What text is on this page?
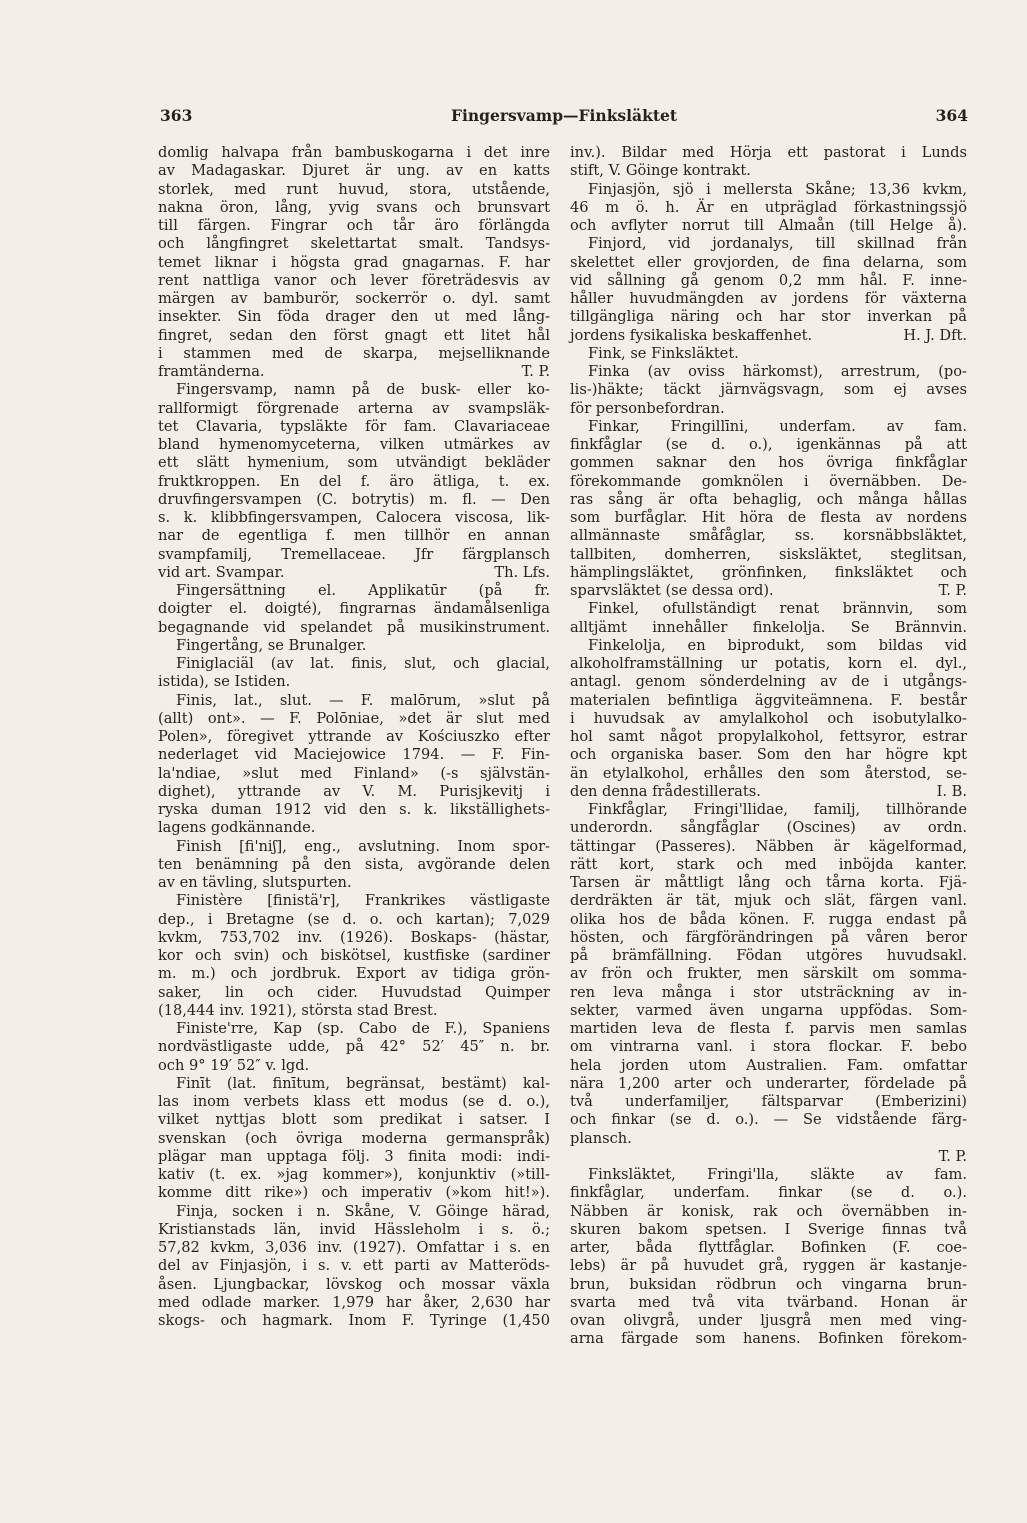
363	Fingersvamp—Finksläktet	364
domlig halvapa från bambuskogarna i det inre
av Madagaskar. Djuret är ung. av en katts
storlek, med runt huvud, stora, utstående,
nakna öron, lång, yvig svans och brunsvart
till färgen. Fingrar och tår äro förlängda
och långfingret skelettartat smalt. Tandsys-
temet liknar i högsta grad gnagarnas. F. har
rent nattliga vanor och lever företrädesvis av
märgen av bamburör, sockerrör o. dyl. samt
insekter. Sin föda drager den ut med lång-
fingret, sedan den först gnagt ett litet hål
i stammen med de skarpa, mejselliknande
framtänderna.	T. P.
Fingersvamp, namn på de busk- eller ko-
rallformigt förgrenade arterna av svampsläk-
tet Clavaria, typsläkte för fam. Clavariaceae
bland hymenomyceterna, vilken utmärkes av
ett slätt hymenium, som utvändigt bekläder
fruktkroppen. En del f. äro ätliga, t. ex.
druvfingersvampen (C. botrytis) m. fl. — Den
s. k. klibbfingersvampen, Calocera viscosa, lik-
nar de egentliga f. men tillhör en annan
svampfamilj, Tremellaceae. Jfr färgplansch
vid art. Svampar.	Th. Lfs.
Fingersättning el. Applikatūr (på fr.
doigter el. doigté), fingrarnas ändamålsenliga
begagnande vid spelandet på musikinstrument.
Fingertång, se Brunalger.
Finiglaciäl (av lat. finis, slut, och glacial,
istida), se Istiden.
Finis, lat., slut. — F. malōrum, »slut på
(allt) ont». — F. Polōniae, »det är slut med
Polen», föregivet yttrande av Kościuszko efter
nederlaget vid Maciejowice 1794. — F. Fin-
la'ndiae, »slut med Finland» (-s självstän-
dighet), yttrande av V. M. Purisjkevitj i
ryska duman 1912 vid den s. k. likställighets-
lagens godkännande.
Finish [fi'niʃ], eng., avslutning. Inom spor-
ten benämning på den sista, avgörande delen
av en tävling, slutspurten.
Finistère [finistä'r], Frankrikes västligaste
dep., i Bretagne (se d. o. och kartan); 7,029
kvkm, 753,702 inv. (1926). Boskaps- (hästar,
kor och svin) och biskötsel, kustfiske (sardiner
m. m.) och jordbruk. Export av tidiga grön-
saker, lin och cider. Huvudstad Quimper
(18,444 inv. 1921), största stad Brest.
Finiste'rre, Kap (sp. Cabo de F.), Spaniens
nordvästligaste udde, på 42° 52′ 45″ n. br.
och 9° 19′ 52″ v. lgd.
Finīt (lat. finītum, begränsat, bestämt) kal-
las inom verbets klass ett modus (se d. o.),
vilket nyttjas blott som predikat i satser. I
svenskan (och övriga moderna germanspråk)
plägar man upptaga följ. 3 finita modi: indi-
kativ (t. ex. »jag kommer»), konjunktiv (»till-
komme ditt rike») och imperativ (»kom hit!»).
Finja, socken i n. Skåne, V. Göinge härad,
Kristianstads län, invid Hässleholm i s. ö.;
57,82 kvkm, 3,036 inv. (1927). Omfattar i s. en
del av Finjasjön, i s. v. ett parti av Matteröds-
åsen. Ljungbackar, lövskog och mossar växla
med odlade marker. 1,979 har åker, 2,630 har
skogs- och hagmark. Inom F. Tyringe (1,450
inv.). Bildar med Hörja ett pastorat i Lunds
stift, V. Göinge kontrakt.
Finjasjön, sjö i mellersta Skåne; 13,36 kvkm,
46 m ö. h. Är en utpräglad förkastningssjö
och avflyter norrut till Almaån (till Helge å).
Finjord, vid jordanalys, till skillnad från
skelettet eller grovjorden, de fina delarna, som
vid sållning gå genom 0,2 mm hål. F. inne-
håller huvudmängden av jordens för växterna
tillgängliga näring och har stor inverkan på
jordens fysikaliska beskaffenhet.	H. J. Dft.
Fink, se Finksläktet.
Finka (av oviss härkomst), arrestrum, (po-
lis-)häkte; täckt järnvägsvagn, som ej avses
för personbefordran.
Finkar, Fringillīni, underfam. av fam.
finkfåglar (se d. o.), igenkännas på att
gommen saknar den hos övriga finkfåglar
förekommande gomknölen i övernäbben. De-
ras sång är ofta behaglig, och många hållas
som burfåglar. Hit höra de flesta av nordens
allmännaste småfåglar, ss. korsnäbbsläktet,
tallbiten, domherren, sisksläktet, steglitsan,
hämplingsläktet, grönfinken, finksläktet och
sparvsläktet (se dessa ord).	T. P.
Finkel, ofullständigt renat brännvin, som
alltjämt innehåller finkelolja. Se Brännvin.
Finkelolja, en biprodukt, som bildas vid
alkoholframställning ur potatis, korn el. dyl.,
antagl. genom sönderdelning av de i utgångs-
materialen befintliga äggviteämnena. F. består
i huvudsak av amylalkohol och isobutylalko-
hol samt något propylalkohol, fettsyror, estrar
och organiska baser. Som den har högre kpt
än etylalkohol, erhålles den som återstod, se-
den denna frådestillerats.	I. B.
Finkfåglar, Fringi'llidae, familj, tillhörande
underordn. sångfåglar (Oscines) av ordn.
tättingar (Passeres). Näbben är kägelformad,
rätt kort, stark och med inböjda kanter.
Tarsen är måttligt lång och tårna korta. Fjä-
derdräkten är tät, mjuk och slät, färgen vanl.
olika hos de båda könen. F. rugga endast på
hösten, och färgförändringen på våren beror
på brämfällning. Födan utgöres huvudsakl.
av frön och frukter, men särskilt om somma-
ren leva många i stor utsträckning av in-
sekter, varmed även ungarna uppfödas. Som-
martiden leva de flesta f. parvis men samlas
om vintrarna vanl. i stora flockar. F. bebo
hela jorden utom Australien. Fam. omfattar
nära 1,200 arter och underarter, fördelade på
två underfamiljer, fältsparvar (Emberizini)
och finkar (se d. o.). — Se vidstående färg-
plansch.
T. P.
Finksläktet, Fringi'lla, släkte av fam.
finkfåglar, underfam. finkar (se d. o.).
Näbben är konisk, rak och övernäbben in-
skuren bakom spetsen. I Sverige finnas två
arter, båda flyttfåglar. Bofinken (F. coe-
lebs) är på huvudet grå, ryggen är kastanje-
brun, buksidan rödbrun och vingarna brun-
svarta med två vita tvärband. Honan är
ovan olivgrå, under ljusgrå men med ving-
arna färgade som hanens. Bofinken förekom-
